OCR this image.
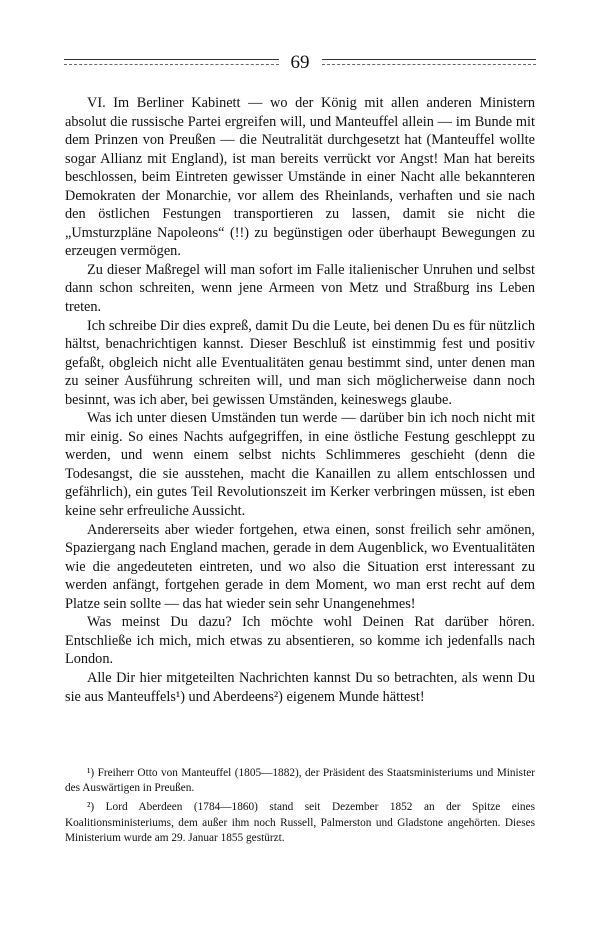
69

VI. Im Berliner Kabinett — wo der König mit allen anderen Ministern absolut die russische Partei ergreifen will, und Manteuffel allein — im Bunde mit dem Prinzen von Preußen — die Neutralität durchgesetzt hat (Manteuffel wollte sogar Allianz mit England), ist man bereits verrückt vor Angst! Man hat bereits beschlossen, beim Eintreten gewisser Umstände in einer Nacht alle bekannteren Demokraten der Monarchie, vor allem des Rheinlands, verhaften und sie nach den östlichen Festungen transportieren zu lassen, damit sie nicht die „Umsturzpläne Napoleons“ (!!) zu begünstigen oder überhaupt Bewegungen zu erzeugen vermögen.

Zu dieser Maßregel will man sofort im Falle italienischer Unruhen und selbst dann schon schreiten, wenn jene Armeen von Metz und Straßburg ins Leben treten.

Ich schreibe Dir dies expreß, damit Du die Leute, bei denen Du es für nützlich hältst, benachrichtigen kannst. Dieser Beschluß ist einstimmig fest und positiv gefaßt, obgleich nicht alle Eventualitäten genau bestimmt sind, unter denen man zu seiner Ausführung schreiten will, und man sich möglicherweise dann noch besinnt, was ich aber, bei gewissen Umständen, keineswegs glaube.

Was ich unter diesen Umständen tun werde — darüber bin ich noch nicht mit mir einig. So eines Nachts aufgegriffen, in eine östliche Festung geschleppt zu werden, und wenn einem selbst nichts Schlimmeres geschieht (denn die Todesangst, die sie ausstehen, macht die Kanaillen zu allem entschlossen und gefährlich), ein gutes Teil Revolutionszeit im Kerker verbringen müssen, ist eben keine sehr erfreuliche Aussicht.

Andererseits aber wieder fortgehen, etwa einen, sonst freilich sehr amönen, Spaziergang nach England machen, gerade in dem Augenblick, wo Eventualitäten wie die angedeuteten eintreten, und wo also die Situation erst interessant zu werden anfängt, fortgehen gerade in dem Moment, wo man erst recht auf dem Platze sein sollte — das hat wieder sein sehr Unangenehmes!

Was meinst Du dazu? Ich möchte wohl Deinen Rat darüber hören. Entschließe ich mich, mich etwas zu absentieren, so komme ich jedenfalls nach London.

Alle Dir hier mitgeteilten Nachrichten kannst Du so betrachten, als wenn Du sie aus Manteuffels¹) und Aberdeens²) eigenem Munde hättest!

¹) Freiherr Otto von Manteuffel (1805—1882), der Präsident des Staatsministeriums und Minister des Auswärtigen in Preußen.

²) Lord Aberdeen (1784—1860) stand seit Dezember 1852 an der Spitze eines Koalitionsministeriums, dem außer ihm noch Russell, Palmerston und Gladstone angehörten. Dieses Ministerium wurde am 29. Januar 1855 gestürzt.
